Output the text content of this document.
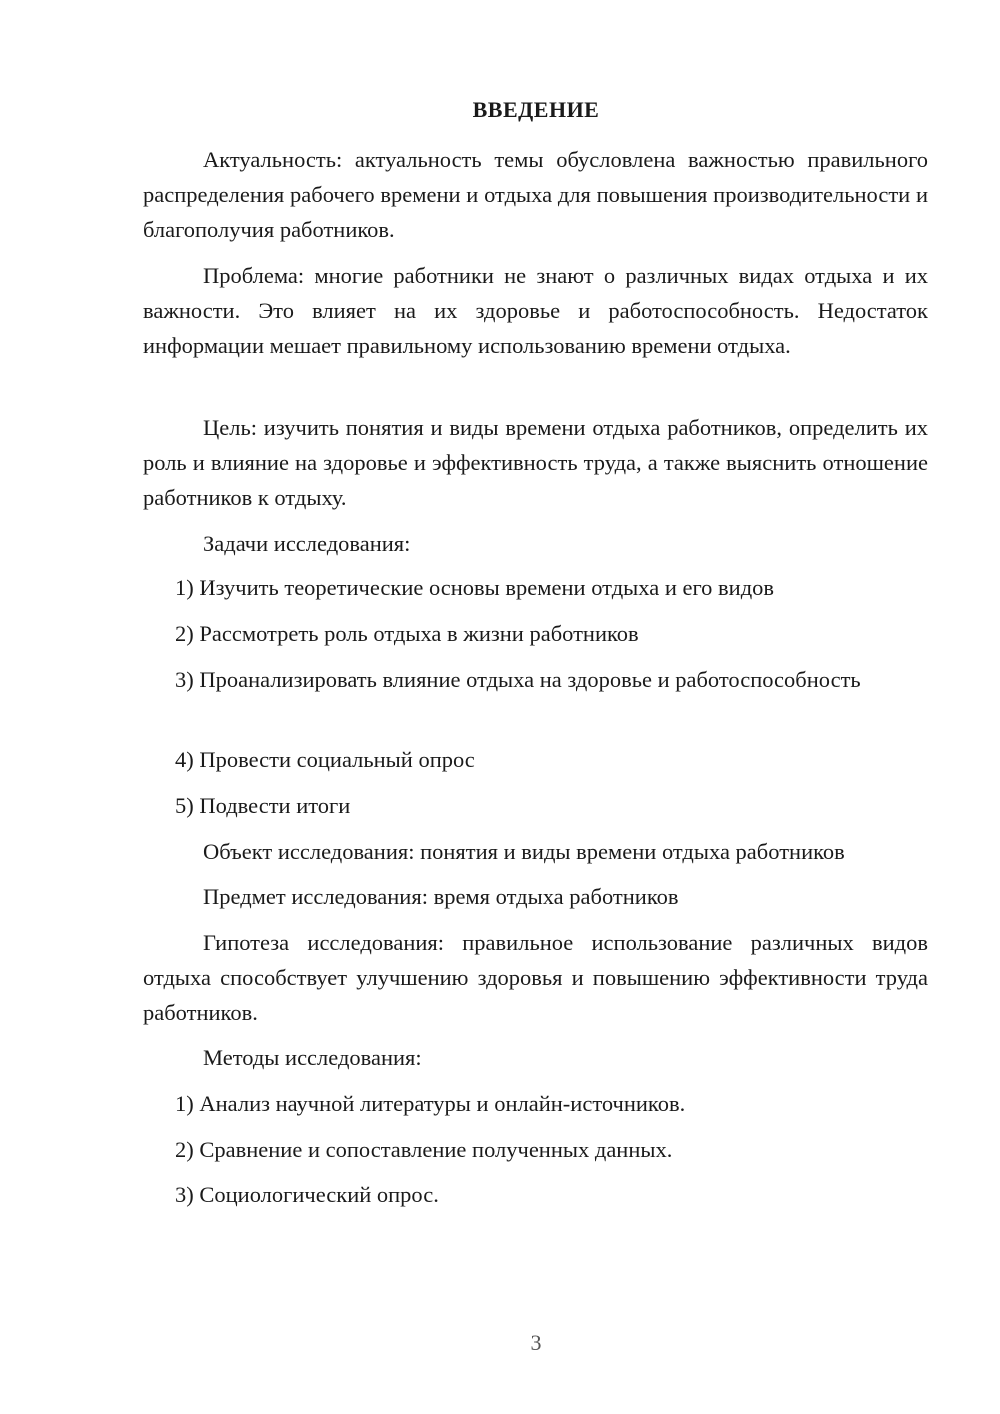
ВВЕДЕНИЕ

Актуальность: актуальность темы обусловлена важностью правильного распределения рабочего времени и отдыха для повышения производительности и благополучия работников.

Проблема: многие работники не знают о различных видах отдыха и их важности. Это влияет на их здоровье и работоспособность. Недостаток информации мешает правильному использованию времени отдыха.

Цель: изучить понятия и виды времени отдыха работников, определить их роль и влияние на здоровье и эффективность труда, а также выяснить отношение работников к отдыху.

Задачи исследования:

1) Изучить теоретические основы времени отдыха и его видов

2) Рассмотреть роль отдыха в жизни работников

3) Проанализировать влияние отдыха на здоровье и работоспособность

4) Провести социальный опрос

5) Подвести итоги

Объект исследования: понятия и виды времени отдыха работников

Предмет исследования: время отдыха работников

Гипотеза исследования: правильное использование различных видов отдыха способствует улучшению здоровья и повышению эффективности труда работников.

Методы исследования:

1) Анализ научной литературы и онлайн-источников.

2) Сравнение и сопоставление полученных данных.

3) Социологический опрос.

3
